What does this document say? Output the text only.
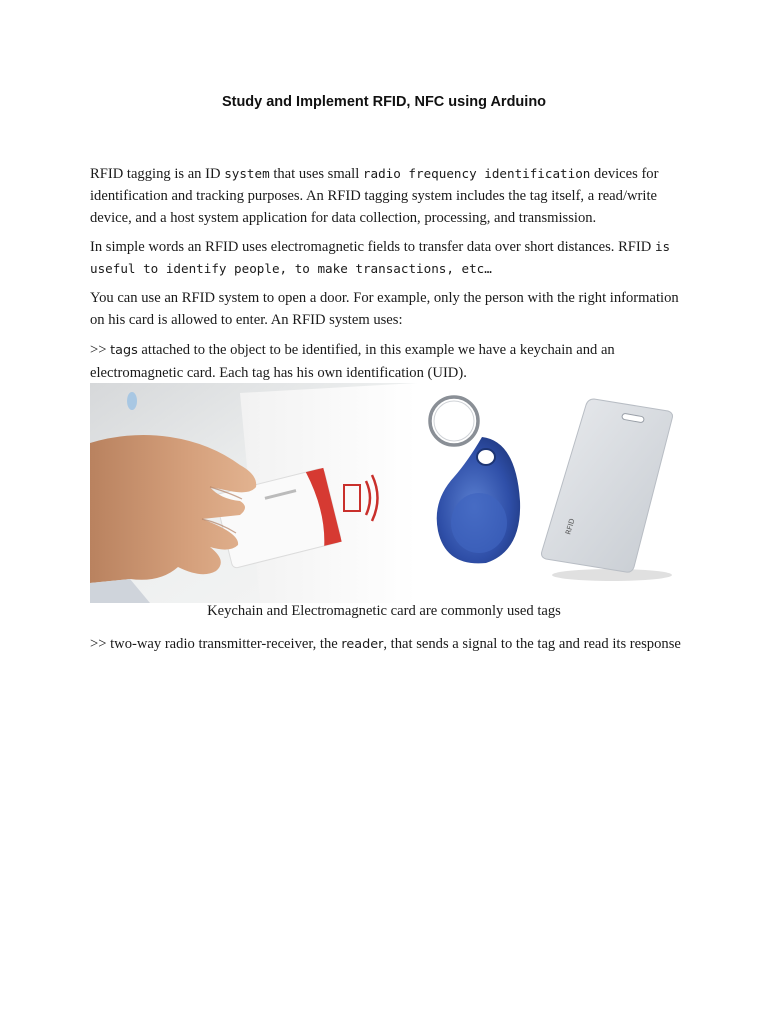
Study and Implement RFID, NFC using Arduino

RFID tagging is an ID system that uses small radio frequency identification devices for identification and tracking purposes. An RFID tagging system includes the tag itself, a read/write device, and a host system application for data collection, processing, and transmission.

In simple words an RFID uses electromagnetic fields to transfer data over short distances. RFID is useful to identify people, to make transactions, etc…

You can use an RFID system to open a door. For example, only the person with the right information on his card is allowed to enter. An RFID system uses:

>> tags attached to the object to be identified, in this example we have a keychain and an electromagnetic card. Each tag has his own identification (UID).

RFID
Keychain and Electromagnetic card are commonly used tags

>> two-way radio transmitter-receiver, the reader, that sends a signal to the tag and read its response
